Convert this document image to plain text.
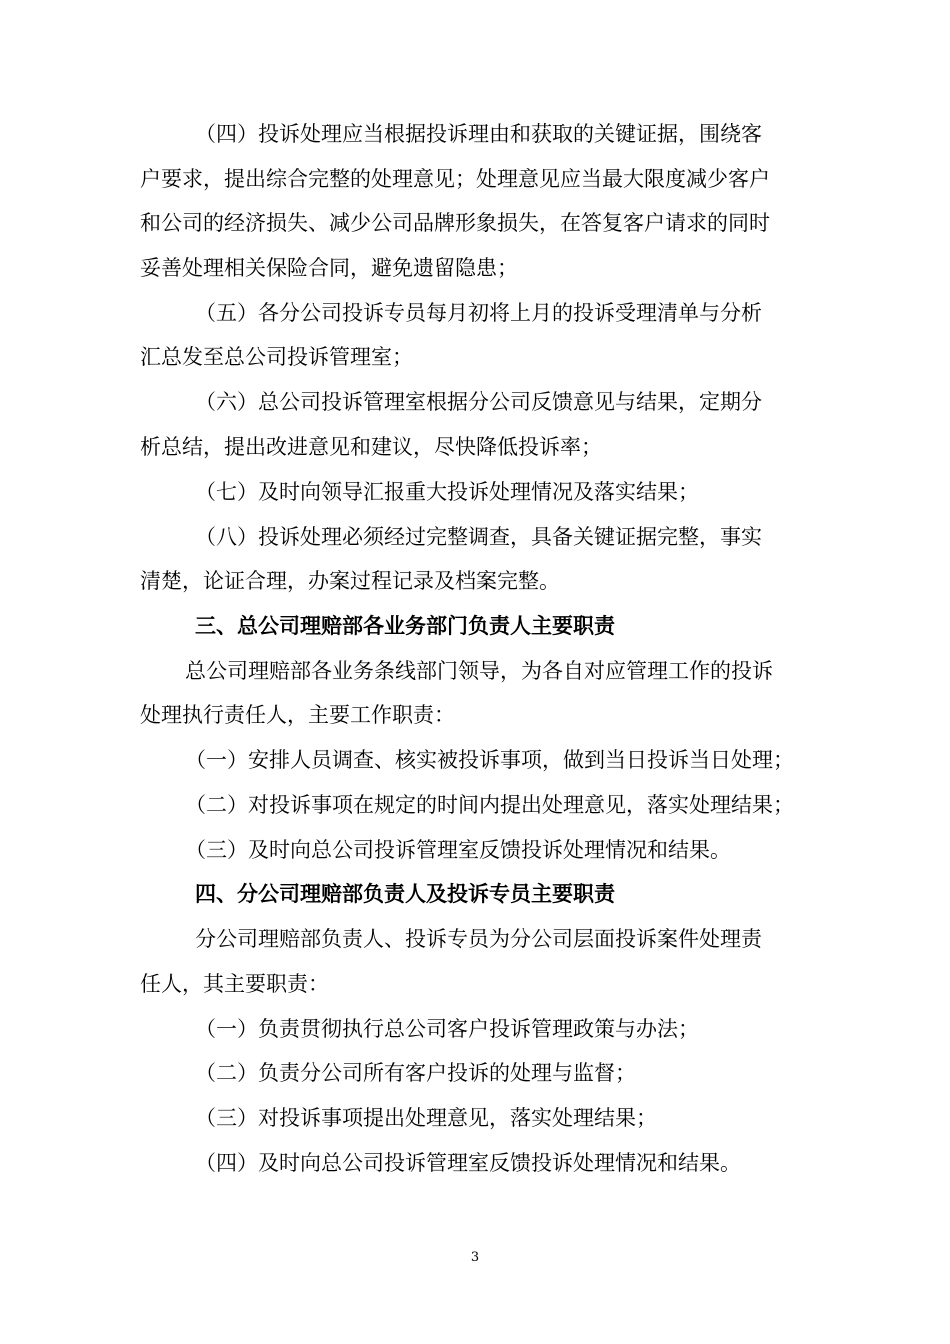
（四）投诉处理应当根据投诉理由和获取的关键证据，围绕客
户要求，提出综合完整的处理意见；处理意见应当最大限度减少客户
和公司的经济损失、减少公司品牌形象损失，在答复客户请求的同时
妥善处理相关保险合同，避免遗留隐患；
（五）各分公司投诉专员每月初将上月的投诉受理清单与分析
汇总发至总公司投诉管理室；
（六）总公司投诉管理室根据分公司反馈意见与结果，定期分
析总结，提出改进意见和建议，尽快降低投诉率；
（七）及时向领导汇报重大投诉处理情况及落实结果；
（八）投诉处理必须经过完整调查，具备关键证据完整，事实
清楚，论证合理，办案过程记录及档案完整。
三、总公司理赔部各业务部门负责人主要职责
总公司理赔部各业务条线部门领导，为各自对应管理工作的投诉
处理执行责任人，主要工作职责：
（一）安排人员调查、核实被投诉事项，做到当日投诉当日处理；
（二）对投诉事项在规定的时间内提出处理意见，落实处理结果；
（三）及时向总公司投诉管理室反馈投诉处理情况和结果。
四、分公司理赔部负责人及投诉专员主要职责
分公司理赔部负责人、投诉专员为分公司层面投诉案件处理责
任人，其主要职责：
（一）负责贯彻执行总公司客户投诉管理政策与办法；
（二）负责分公司所有客户投诉的处理与监督；
（三）对投诉事项提出处理意见，落实处理结果；
（四）及时向总公司投诉管理室反馈投诉处理情况和结果。
3
